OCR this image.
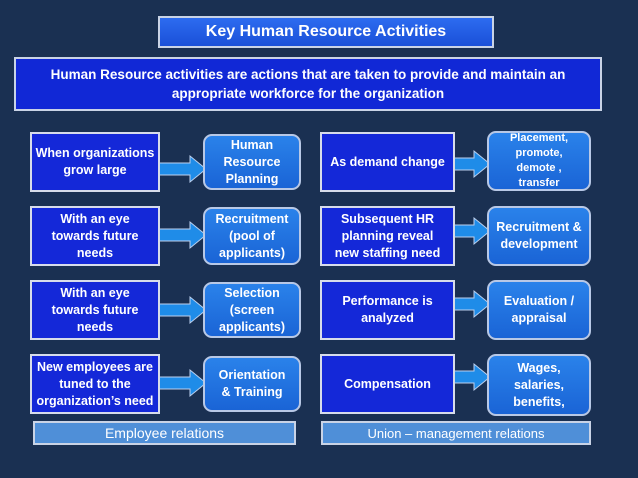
Key Human Resource Activities
Human Resource activities are actions that are taken to provide and maintain an appropriate workforce for the organization
When organizations grow large
Human Resource Planning
With an eye towards future needs
Recruitment (pool of applicants)
With an eye towards future needs
Selection (screen applicants)
New employees are tuned to the organization’s need
Orientation & Training
As demand change
Placement, promote, demote , transfer
Subsequent HR planning reveal new staffing need
Recruitment & development
Performance is analyzed
Evaluation / appraisal
Compensation
Wages, salaries, benefits,
Employee relations	Union – management relations
